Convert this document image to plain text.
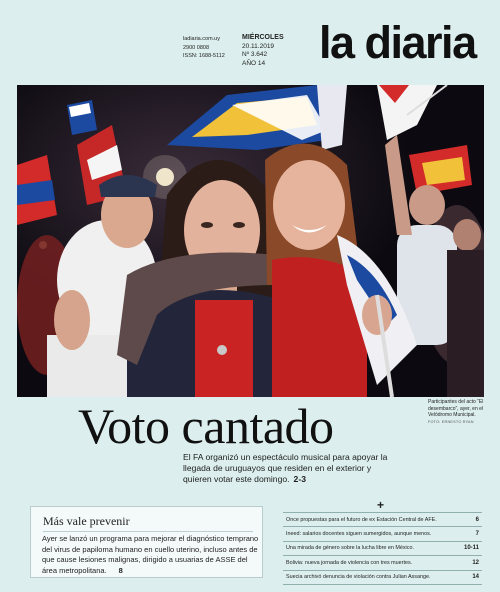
ladiaria.com.uy
2900 0808
ISSN: 1688-5112
MIÉRCOLES
20.11.2019
Nº 3.642
AÑO 14	la diaria
Participantes del acto “El desembarco”, ayer, en el Velódromo Municipal.
FOTO: ERNESTO RYAN
Voto cantado
El FA organizó un espectáculo musical para apoyar la llegada de uruguayos que residen en el exterior y quieren votar este domingo. 2-3
Más vale prevenir
Ayer se lanzó un programa para mejorar el diagnóstico temprano del virus de papiloma humano en cuello uterino, incluso antes de que cause lesiones malignas, dirigido a usuarias de ASSE del área metropolitana. 8
+
Once propuestas para el futuro de ex Estación Central de AFE.	6
Ineed: salarios docentes siguen sumergidos, aunque menos.	7
Una mirada de género sobre la lucha libre en México.	10-11
Bolivia: nueva jornada de violencia con tres muertes.	12
Suecia archivó denuncia de violación contra Julian Assange.	14
